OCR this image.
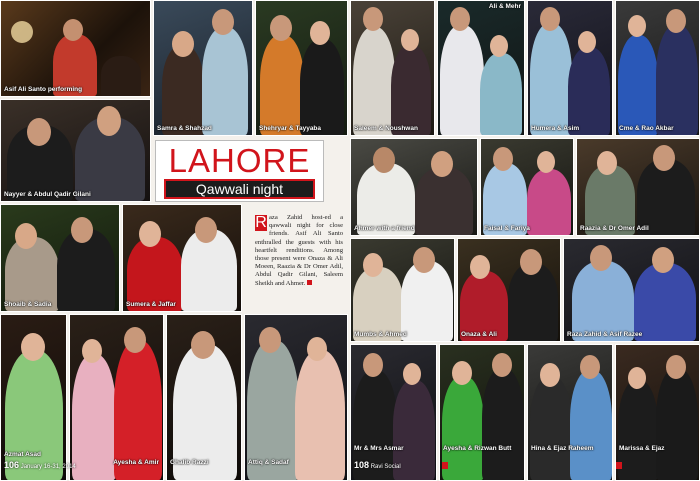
Asif Ali Santo performing
Samra & Shahzad	Shehryar & Tayyaba	Saleem & Noushwan
Ali & Mehr
Humera & Asim	Cme & Rao Akbar
Nayyer & Abdul Qadir Gilani
LAHORE
Qawwali night
Ahmer with a friend	Faisal & Fariya	Raazia & Dr Omer Adil
Shoaib & Sadia	Sumera & Jaffar
R aza Zahid host-ed a qawwali night for close friends. Asif Ali Santo enthralled the guests with his heartfelt renditions. Among those present were Onaza & Ali Moeen, Raazia & Dr Omer Adil, Abdul Qadir Gilani, Saleem Sheikh and Ahmer.
Mumbs & Ahmed	Onaza & Ali	Raza Zahid & Asif Razee
Azmat Asad
Ayesha & Amir Ghalib Razzi	Attiq & Sadaf
Mr & Mrs Asmar	Ayesha & Rizwan Butt	Hina & Ejaz Raheem	Marissa & Ejaz
106 January 16-31, 2014	108 Ravi Social
